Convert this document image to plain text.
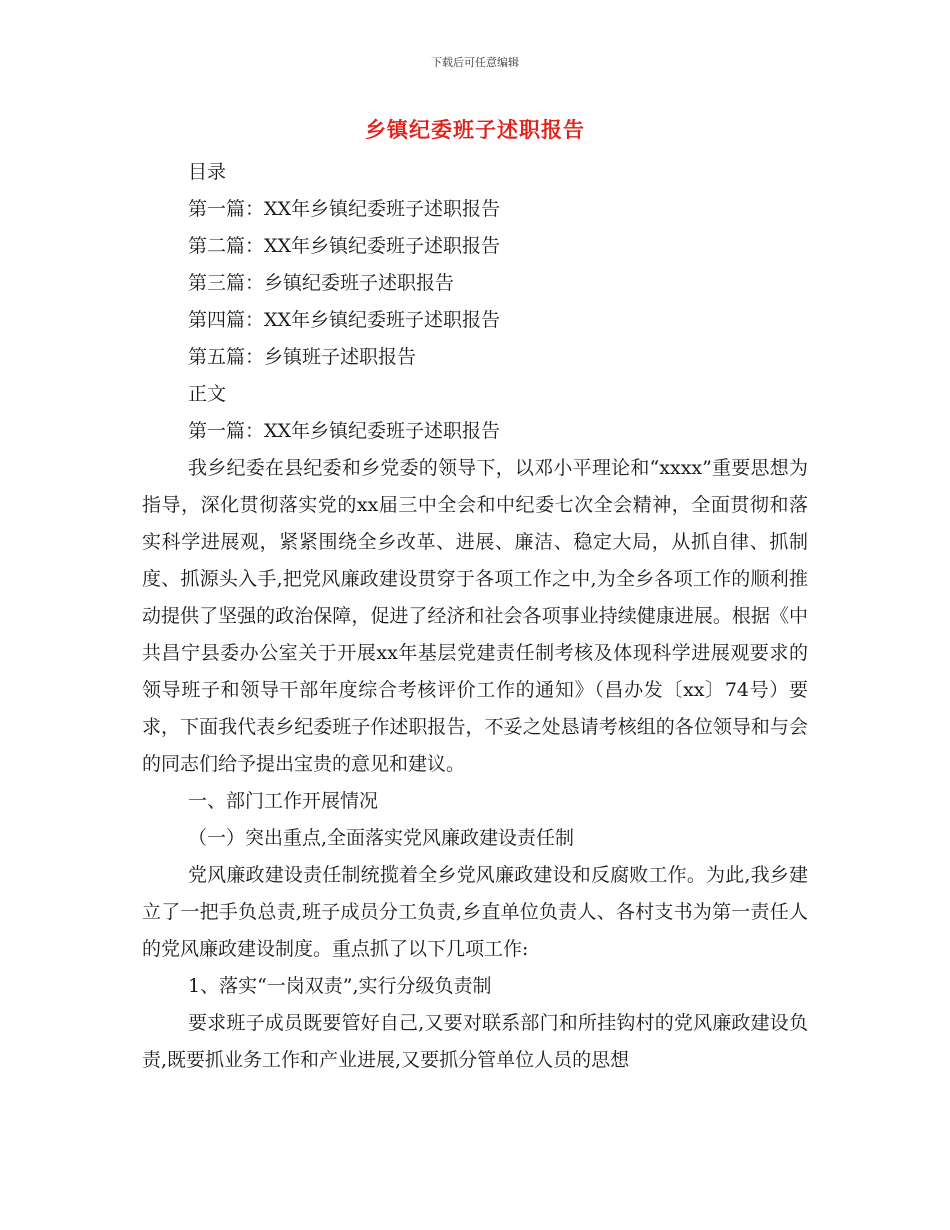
下载后可任意编辑
乡镇纪委班子述职报告

目录

第一篇：XX年乡镇纪委班子述职报告

第二篇：XX年乡镇纪委班子述职报告

第三篇：乡镇纪委班子述职报告

第四篇：XX年乡镇纪委班子述职报告

第五篇：乡镇班子述职报告

正文

第一篇：XX年乡镇纪委班子述职报告

我乡纪委在县纪委和乡党委的领导下，以邓小平理论和“xxxx”重要思想为指导，深化贯彻落实党的xx届三中全会和中纪委七次全会精神，全面贯彻和落实科学进展观，紧紧围绕全乡改革、进展、廉洁、稳定大局，从抓自律、抓制度、抓源头入手,把党风廉政建设贯穿于各项工作之中,为全乡各项工作的顺利推动提供了坚强的政治保障，促进了经济和社会各项事业持续健康进展。根据《中共昌宁县委办公室关于开展xx年基层党建责任制考核及体现科学进展观要求的领导班子和领导干部年度综合考核评价工作的通知》（昌办发〔xx〕74号）要求，下面我代表乡纪委班子作述职报告，不妥之处恳请考核组的各位领导和与会的同志们给予提出宝贵的意见和建议。

一、部门工作开展情况

（一）突出重点,全面落实党风廉政建设责任制

党风廉政建设责任制统揽着全乡党风廉政建设和反腐败工作。为此,我乡建立了一把手负总责,班子成员分工负责,乡直单位负责人、各村支书为第一责任人的党风廉政建设制度。重点抓了以下几项工作:

1、落实“一岗双责”,实行分级负责制

要求班子成员既要管好自己,又要对联系部门和所挂钩村的党风廉政建设负责,既要抓业务工作和产业进展,又要抓分管单位人员的思想
